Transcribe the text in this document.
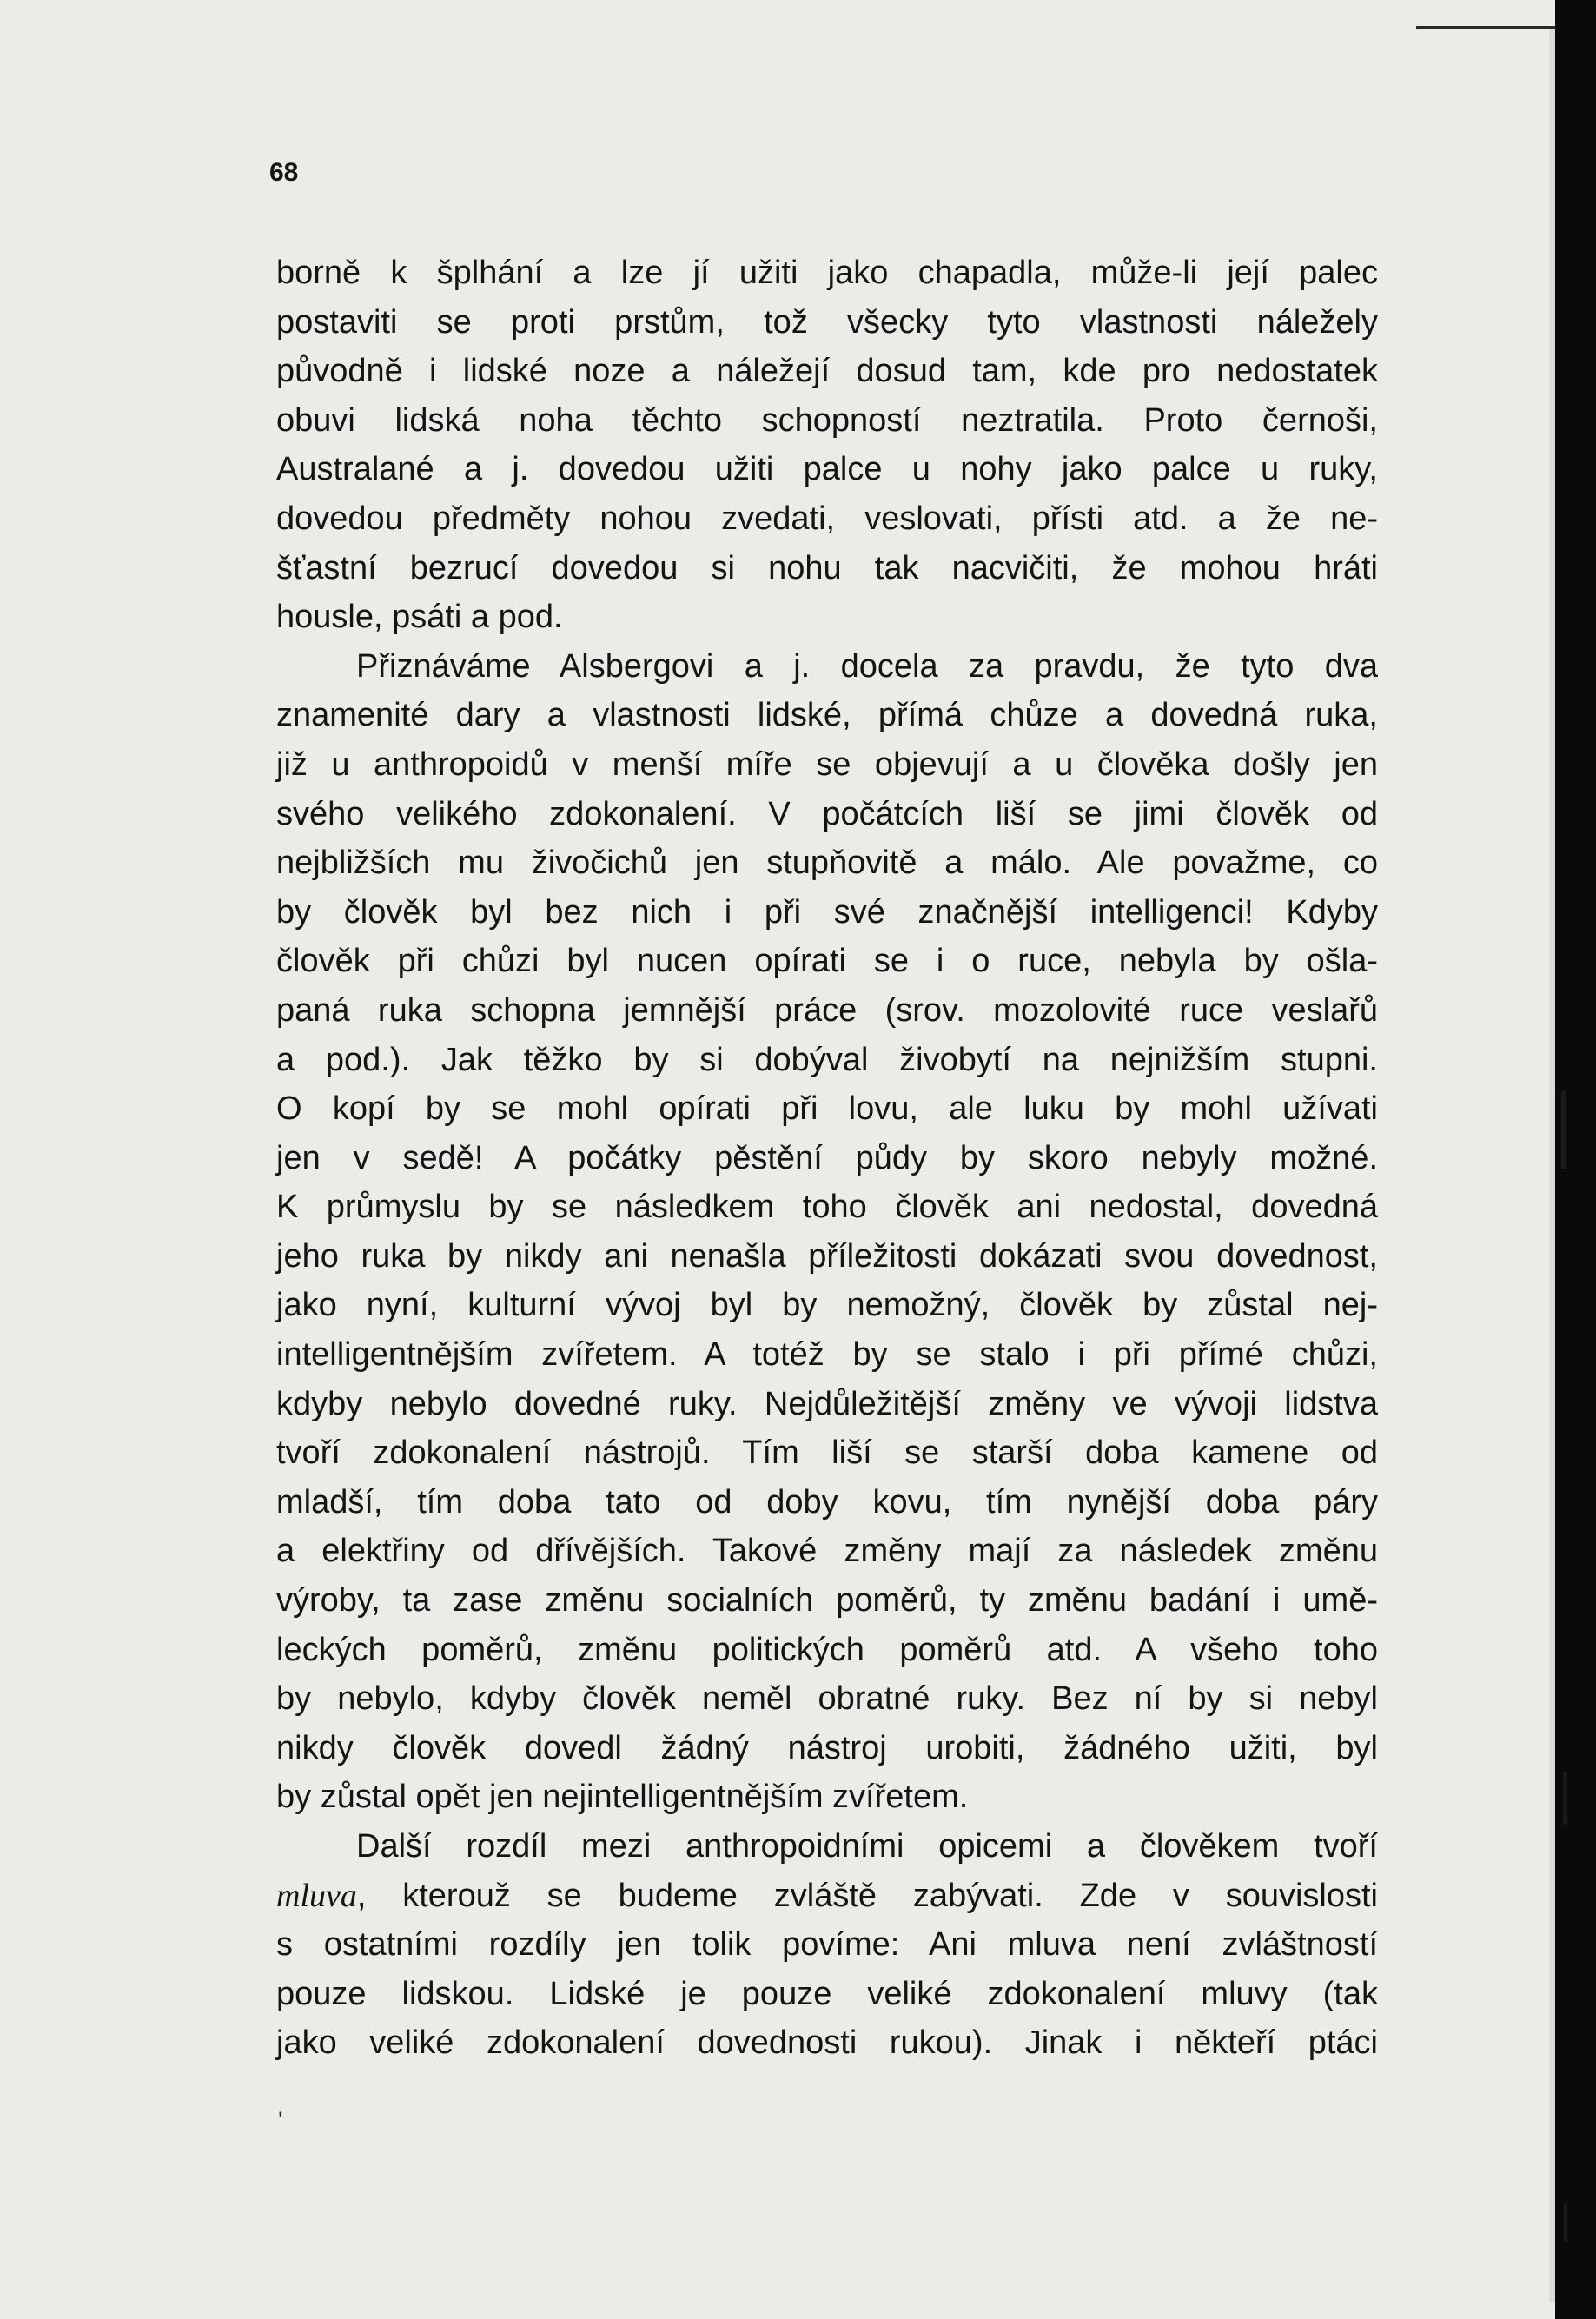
68
borně k šplhání a lze jí užiti jako chapadla, může-li její palec
postaviti se proti prstům, tož všecky tyto vlastnosti náležely
původně i lidské noze a náležejí dosud tam, kde pro nedostatek
obuvi lidská noha těchto schopností neztratila. Proto černoši,
Australané a j. dovedou užiti palce u nohy jako palce u ruky,
dovedou předměty nohou zvedati, veslovati, přísti atd. a že ne-
šťastní bezrucí dovedou si nohu tak nacvičiti, že mohou hráti
housle, psáti a pod.
Přiznáváme Alsbergovi a j. docela za pravdu, že tyto dva
znamenité dary a vlastnosti lidské, přímá chůze a dovedná ruka,
již u anthropoidů v menší míře se objevují a u člověka došly jen
svého velikého zdokonalení. V počátcích liší se jimi člověk od
nejbližších mu živočichů jen stupňovitě a málo. Ale považme, co
by člověk byl bez nich i při své značnější intelligenci! Kdyby
člověk při chůzi byl nucen opírati se i o ruce, nebyla by ošla-
paná ruka schopna jemnější práce (srov. mozolovité ruce veslařů
a pod.). Jak těžko by si dobýval živobytí na nejnižším stupni.
O kopí by se mohl opírati při lovu, ale luku by mohl užívati
jen v sedě! A počátky pěstění půdy by skoro nebyly možné.
K průmyslu by se následkem toho člověk ani nedostal, dovedná
jeho ruka by nikdy ani nenašla příležitosti dokázati svou dovednost,
jako nyní, kulturní vývoj byl by nemožný, člověk by zůstal nej-
intelligentnějším zvířetem. A totéž by se stalo i při přímé chůzi,
kdyby nebylo dovedné ruky. Nejdůležitější změny ve vývoji lidstva
tvoří zdokonalení nástrojů. Tím liší se starší doba kamene od
mladší, tím doba tato od doby kovu, tím nynější doba páry
a elektřiny od dřívějších. Takové změny mají za následek změnu
výroby, ta zase změnu socialních poměrů, ty změnu badání i umě-
leckých poměrů, změnu politických poměrů atd. A všeho toho
by nebylo, kdyby člověk neměl obratné ruky. Bez ní by si nebyl
nikdy člověk dovedl žádný nástroj urobiti, žádného užiti, byl
by zůstal opět jen nejintelligentnějším zvířetem.
Další rozdíl mezi anthropoidními opicemi a člověkem tvoří
mluva, kterouž se budeme zvláště zabývati. Zde v souvislosti
s ostatními rozdíly jen tolik povíme: Ani mluva není zvláštností
pouze lidskou. Lidské je pouze veliké zdokonalení mluvy (tak
jako veliké zdokonalení dovednosti rukou). Jinak i někteří ptáci
'
